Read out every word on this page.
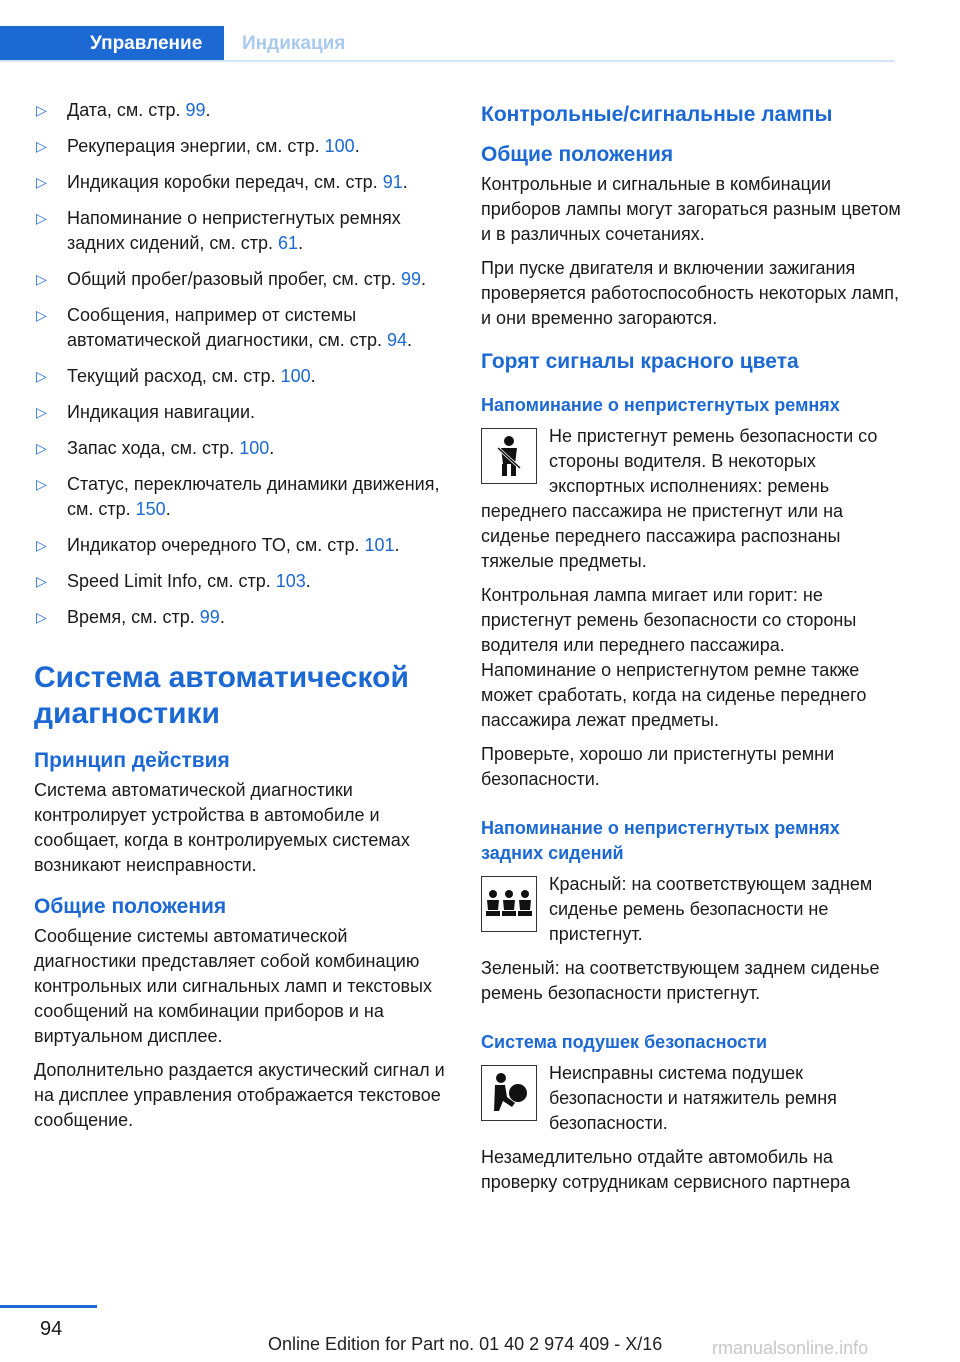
Управление	Индикация
▷ Дата, см. стр. 99.
▷ Рекуперация энергии, см. стр. 100.
▷ Индикация коробки передач, см. стр. 91.
▷ Напоминание о непристегнутых ремнях задних сидений, см. стр. 61.
▷ Общий пробег/разовый пробег, см. стр. 99.
▷ Сообщения, например от системы автоматической диагностики, см. стр. 94.
▷ Текущий расход, см. стр. 100.
▷ Индикация навигации.
▷ Запас хода, см. стр. 100.
▷ Статус, переключатель динамики движения, см. стр. 150.
▷ Индикатор очередного ТО, см. стр. 101.
▷ Speed Limit Info, см. стр. 103.
▷ Время, см. стр. 99.
Система автоматической диагностики
Принцип действия
Система автоматической диагностики контролирует устройства в автомобиле и сообщает, когда в контролируемых системах возникают неисправности.
Общие положения
Сообщение системы автоматической диагностики представляет собой комбинацию контрольных или сигнальных ламп и текстовых сообщений на комбинации приборов и на виртуальном дисплее.
Дополнительно раздается акустический сигнал и на дисплее управления отображается текстовое сообщение.
Контрольные/сигнальные лампы
Общие положения
Контрольные и сигнальные в комбинации приборов лампы могут загораться разным цветом и в различных сочетаниях.
При пуске двигателя и включении зажигания проверяется работоспособность некоторых ламп, и они временно загораются.
Горят сигналы красного цвета
Напоминание о непристегнутых ремнях
Не пристегнут ремень безопасности со стороны водителя. В некоторых экспортных исполнениях: ремень переднего пассажира не пристегнут или на сиденье переднего пассажира распознаны тяжелые предметы.
Контрольная лампа мигает или горит: не пристегнут ремень безопасности со стороны водителя или переднего пассажира. Напоминание о непристегнутом ремне также может сработать, когда на сиденье переднего пассажира лежат предметы.
Проверьте, хорошо ли пристегнуты ремни безопасности.
Напоминание о непристегнутых ремнях задних сидений
Красный: на соответствующем заднем сиденье ремень безопасности не пристегнут.
Зеленый: на соответствующем заднем сиденье ремень безопасности пристегнут.
Система подушек безопасности
Неисправны система подушек безопасности и натяжитель ремня безопасности.
Незамедлительно отдайте автомобиль на проверку сотрудникам сервисного партнера
94
Online Edition for Part no. 01 40 2 974 409 - X/16	rmanualsonline.info
